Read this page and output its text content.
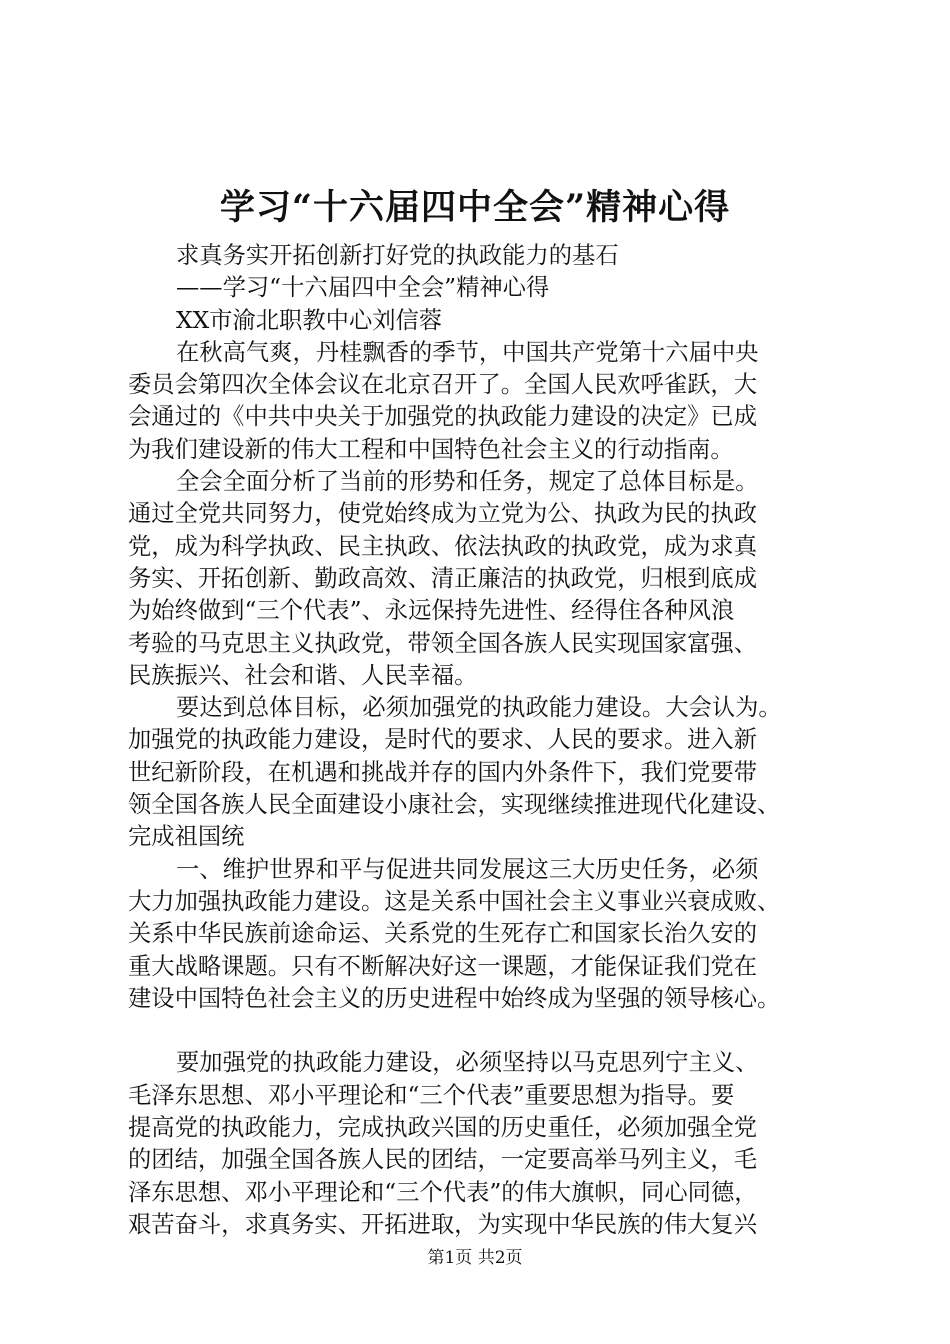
学习“十六届四中全会”精神心得
求真务实开拓创新打好党的执政能力的基石
——学习“十六届四中全会”精神心得
XX市渝北职教中心刘信蓉
在秋高气爽，丹桂飘香的季节，中国共产党第十六届中央
委员会第四次全体会议在北京召开了。全国人民欢呼雀跃，大
会通过的《中共中央关于加强党的执政能力建设的决定》已成
为我们建设新的伟大工程和中国特色社会主义的行动指南。
全会全面分析了当前的形势和任务，规定了总体目标是。
通过全党共同努力，使党始终成为立党为公、执政为民的执政
党，成为科学执政、民主执政、依法执政的执政党，成为求真
务实、开拓创新、勤政高效、清正廉洁的执政党，归根到底成
为始终做到“三个代表”、永远保持先进性、经得住各种风浪
考验的马克思主义执政党，带领全国各族人民实现国家富强、
民族振兴、社会和谐、人民幸福。
要达到总体目标，必须加强党的执政能力建设。大会认为。
加强党的执政能力建设，是时代的要求、人民的要求。进入新
世纪新阶段，在机遇和挑战并存的国内外条件下，我们党要带
领全国各族人民全面建设小康社会，实现继续推进现代化建设、
完成祖国统
一、维护世界和平与促进共同发展这三大历史任务，必须
大力加强执政能力建设。这是关系中国社会主义事业兴衰成败、
关系中华民族前途命运、关系党的生死存亡和国家长治久安的
重大战略课题。只有不断解决好这一课题，才能保证我们党在
建设中国特色社会主义的历史进程中始终成为坚强的领导核心。
要加强党的执政能力建设，必须坚持以马克思列宁主义、
毛泽东思想、邓小平理论和“三个代表”重要思想为指导。要
提高党的执政能力，完成执政兴国的历史重任，必须加强全党
的团结，加强全国各族人民的团结，一定要高举马列主义，毛
泽东思想、邓小平理论和“三个代表”的伟大旗帜，同心同德，
艰苦奋斗，求真务实、开拓进取，为实现中华民族的伟大复兴
第1页 共2页
